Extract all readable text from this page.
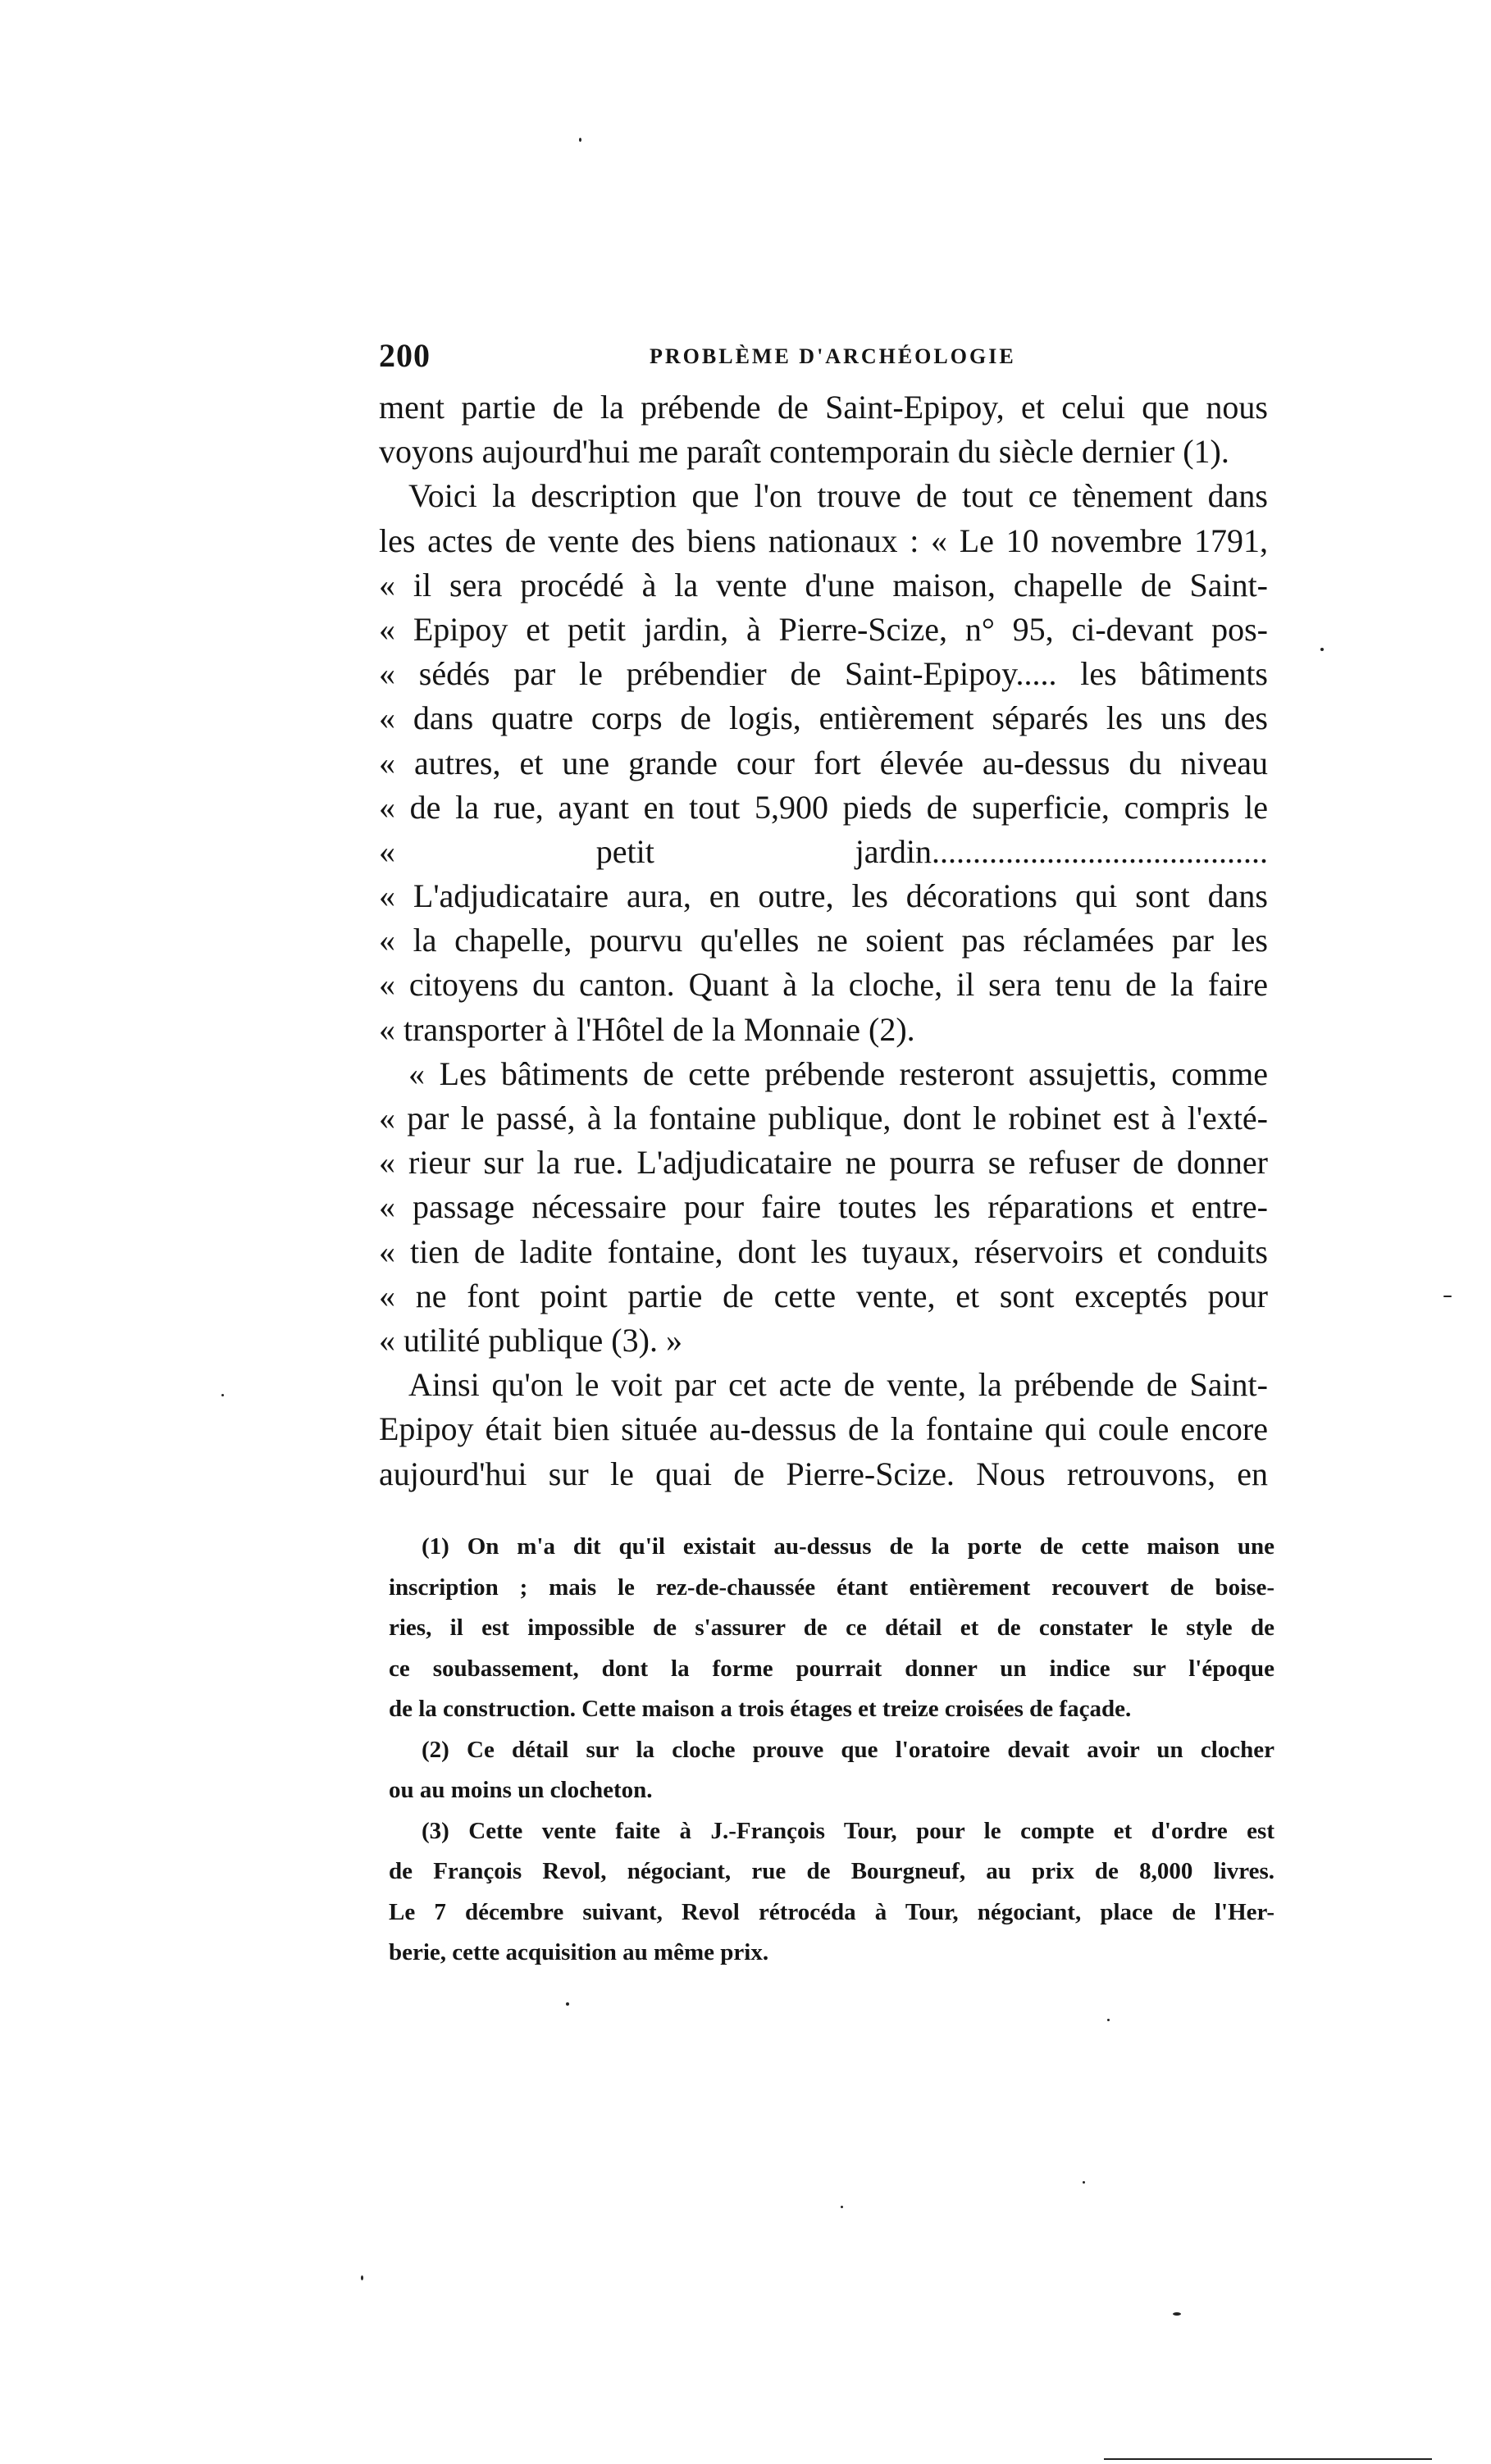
200	PROBLÈME D'ARCHÉOLOGIE
ment partie de la prébende de Saint-Epipoy, et celui que nous
voyons aujourd'hui me paraît contemporain du siècle dernier (1).
Voici la description que l'on trouve de tout ce tènement dans
les actes de vente des biens nationaux : « Le 10 novembre 1791,
« il sera procédé à la vente d'une maison, chapelle de Saint-
« Epipoy et petit jardin, à Pierre-Scize, n° 95, ci-devant pos-
« sédés par le prébendier de Saint-Epipoy..... les bâtiments
« dans quatre corps de logis, entièrement séparés les uns des
« autres, et une grande cour fort élevée au-dessus du niveau
« de la rue, ayant en tout 5,900 pieds de superficie, compris le
« petit jardin.........................................
« L'adjudicataire aura, en outre, les décorations qui sont dans
« la chapelle, pourvu qu'elles ne soient pas réclamées par les
« citoyens du canton. Quant à la cloche, il sera tenu de la faire
« transporter à l'Hôtel de la Monnaie (2).
« Les bâtiments de cette prébende resteront assujettis, comme
« par le passé, à la fontaine publique, dont le robinet est à l'exté-
« rieur sur la rue. L'adjudicataire ne pourra se refuser de donner
« passage nécessaire pour faire toutes les réparations et entre-
« tien de ladite fontaine, dont les tuyaux, réservoirs et conduits
« ne font point partie de cette vente, et sont exceptés pour
« utilité publique (3). »
Ainsi qu'on le voit par cet acte de vente, la prébende de Saint-
Epipoy était bien située au-dessus de la fontaine qui coule encore
aujourd'hui sur le quai de Pierre-Scize. Nous retrouvons, en
(1) On m'a dit qu'il existait au-dessus de la porte de cette maison une
inscription ; mais le rez-de-chaussée étant entièrement recouvert de boise-
ries, il est impossible de s'assurer de ce détail et de constater le style de
ce soubassement, dont la forme pourrait donner un indice sur l'époque
de la construction. Cette maison a trois étages et treize croisées de façade.
(2) Ce détail sur la cloche prouve que l'oratoire devait avoir un clocher
ou au moins un clocheton.
(3) Cette vente faite à J.-François Tour, pour le compte et d'ordre est
de François Revol, négociant, rue de Bourgneuf, au prix de 8,000 livres.
Le 7 décembre suivant, Revol rétrocéda à Tour, négociant, place de l'Her-
berie, cette acquisition au même prix.
